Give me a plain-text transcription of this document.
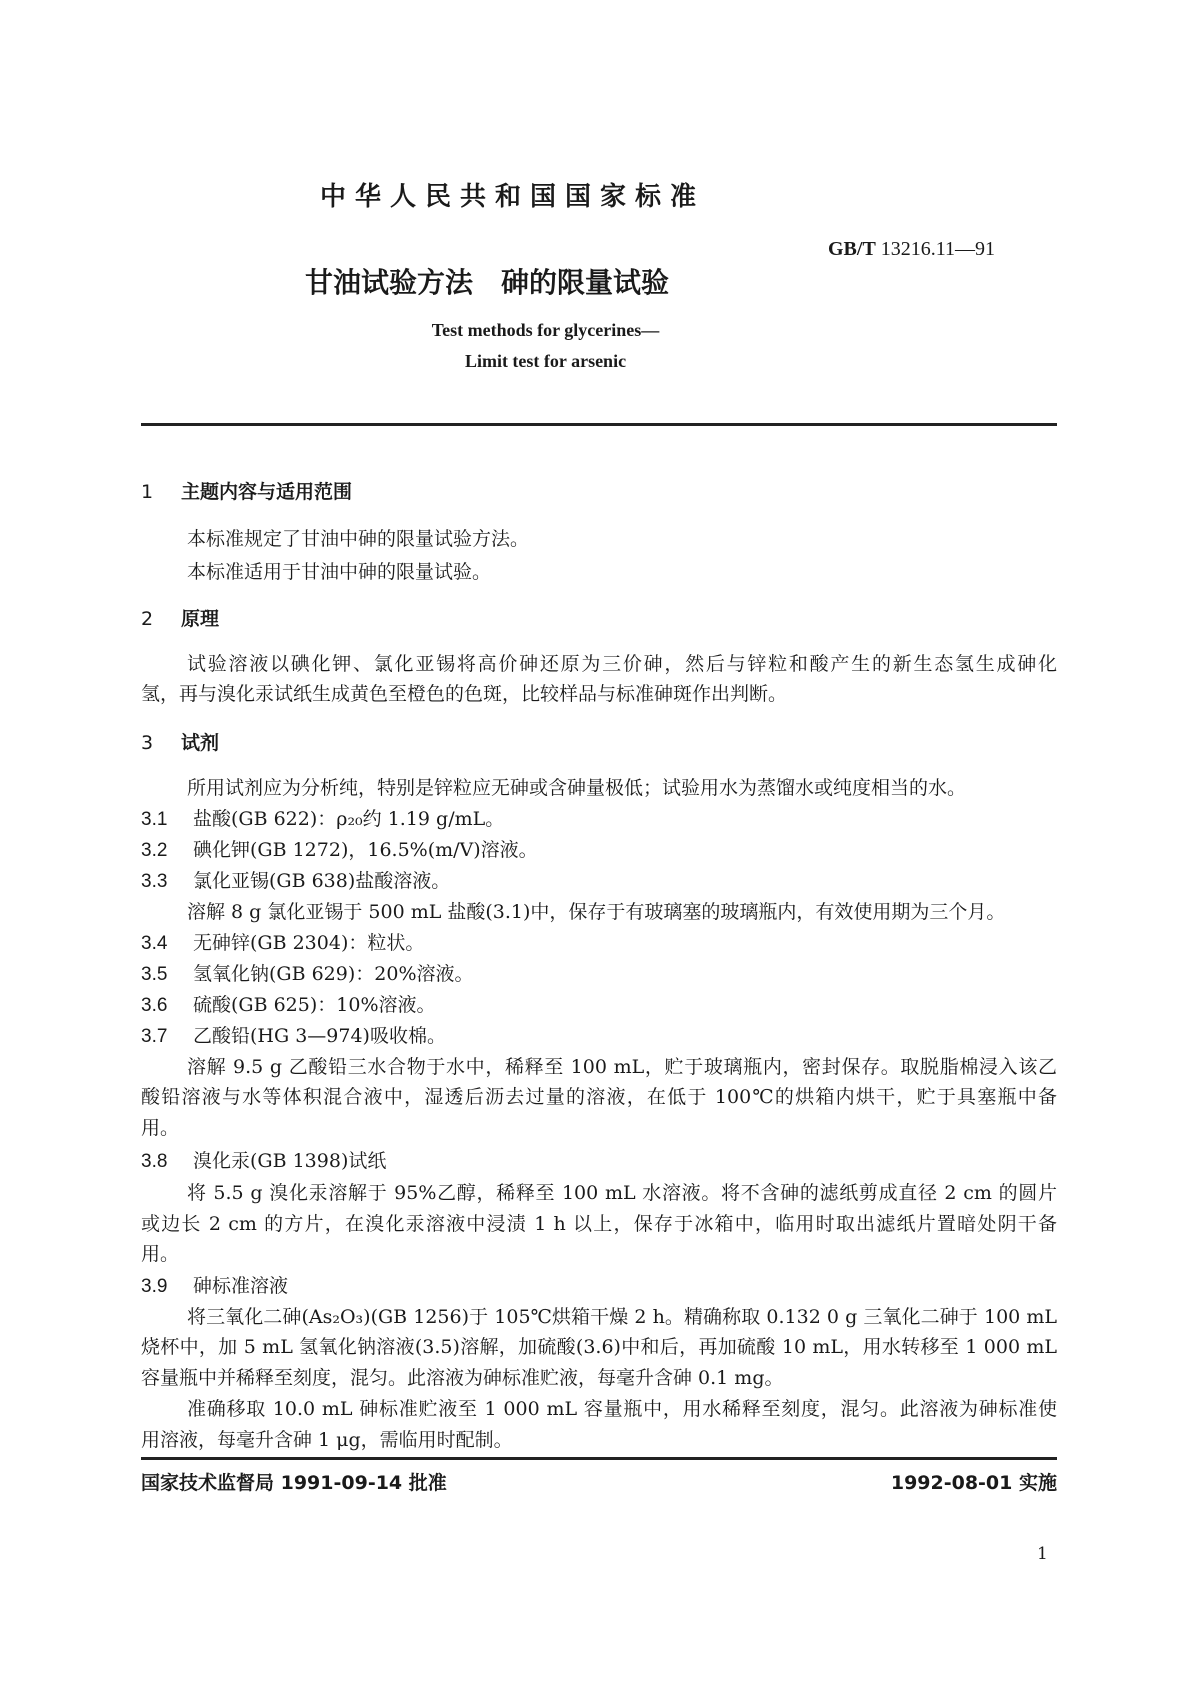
中华人民共和国国家标准
GB/T 13216.11—91
甘油试验方法　砷的限量试验
Test methods for glycerines—
Limit test for arsenic
1 主题内容与适用范围
本标准规定了甘油中砷的限量试验方法。
本标准适用于甘油中砷的限量试验。
2 原理
试验溶液以碘化钾、氯化亚锡将高价砷还原为三价砷，然后与锌粒和酸产生的新生态氢生成砷化
氢，再与溴化汞试纸生成黄色至橙色的色斑，比较样品与标准砷斑作出判断。
3 试剂
所用试剂应为分析纯，特别是锌粒应无砷或含砷量极低；试验用水为蒸馏水或纯度相当的水。
3.1 盐酸(GB 622)：ρ₂₀约 1.19 g/mL。
3.2 碘化钾(GB 1272)，16.5%(m/V)溶液。
3.3 氯化亚锡(GB 638)盐酸溶液。
溶解 8 g 氯化亚锡于 500 mL 盐酸(3.1)中，保存于有玻璃塞的玻璃瓶内，有效使用期为三个月。
3.4 无砷锌(GB 2304)：粒状。
3.5 氢氧化钠(GB 629)：20%溶液。
3.6 硫酸(GB 625)：10%溶液。
3.7 乙酸铅(HG 3—974)吸收棉。
溶解 9.5 g 乙酸铅三水合物于水中，稀释至 100 mL，贮于玻璃瓶内，密封保存。取脱脂棉浸入该乙
酸铅溶液与水等体积混合液中，湿透后沥去过量的溶液，在低于 100℃的烘箱内烘干，贮于具塞瓶中备
用。
3.8 溴化汞(GB 1398)试纸
将 5.5 g 溴化汞溶解于 95%乙醇，稀释至 100 mL 水溶液。将不含砷的滤纸剪成直径 2 cm 的圆片
或边长 2 cm 的方片，在溴化汞溶液中浸渍 1 h 以上，保存于冰箱中，临用时取出滤纸片置暗处阴干备
用。
3.9 砷标准溶液
将三氧化二砷(As₂O₃)(GB 1256)于 105℃烘箱干燥 2 h。精确称取 0.132 0 g 三氧化二砷于 100 mL
烧杯中，加 5 mL 氢氧化钠溶液(3.5)溶解，加硫酸(3.6)中和后，再加硫酸 10 mL，用水转移至 1 000 mL
容量瓶中并稀释至刻度，混匀。此溶液为砷标准贮液，每毫升含砷 0.1 mg。
准确移取 10.0 mL 砷标准贮液至 1 000 mL 容量瓶中，用水稀释至刻度，混匀。此溶液为砷标准使
用溶液，每毫升含砷 1 μg，需临用时配制。
国家技术监督局 1991-09-14 批准	1992-08-01 实施
1
